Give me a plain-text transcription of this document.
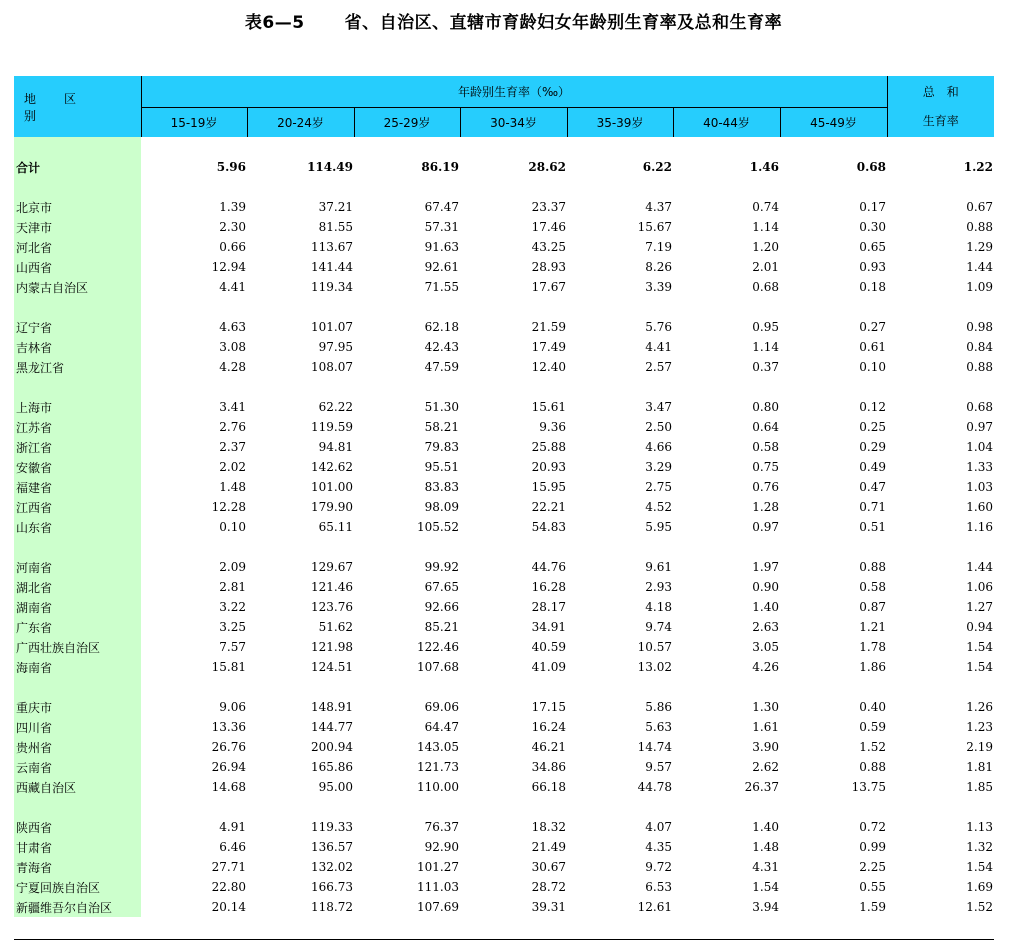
表6—5 省、自治区、直辖市育龄妇女年龄别生育率及总和生育率
地区别	年龄别生育率（‰）							总　和
生育率

	15-19岁	20-24岁	25-29岁	30-34岁	35-39岁	40-44岁	45-49岁	

合计	5.96	114.49	86.19	28.62	6.22	1.46	0.68	1.22

北京市	1.39	37.21	67.47	23.37	4.37	0.74	0.17	0.67
天津市	2.30	81.55	57.31	17.46	15.67	1.14	0.30	0.88
河北省	0.66	113.67	91.63	43.25	7.19	1.20	0.65	1.29
山西省	12.94	141.44	92.61	28.93	8.26	2.01	0.93	1.44
内蒙古自治区	4.41	119.34	71.55	17.67	3.39	0.68	0.18	1.09

辽宁省	4.63	101.07	62.18	21.59	5.76	0.95	0.27	0.98
吉林省	3.08	97.95	42.43	17.49	4.41	1.14	0.61	0.84
黑龙江省	4.28	108.07	47.59	12.40	2.57	0.37	0.10	0.88

上海市	3.41	62.22	51.30	15.61	3.47	0.80	0.12	0.68
江苏省	2.76	119.59	58.21	9.36	2.50	0.64	0.25	0.97
浙江省	2.37	94.81	79.83	25.88	4.66	0.58	0.29	1.04
安徽省	2.02	142.62	95.51	20.93	3.29	0.75	0.49	1.33
福建省	1.48	101.00	83.83	15.95	2.75	0.76	0.47	1.03
江西省	12.28	179.90	98.09	22.21	4.52	1.28	0.71	1.60
山东省	0.10	65.11	105.52	54.83	5.95	0.97	0.51	1.16

河南省	2.09	129.67	99.92	44.76	9.61	1.97	0.88	1.44
湖北省	2.81	121.46	67.65	16.28	2.93	0.90	0.58	1.06
湖南省	3.22	123.76	92.66	28.17	4.18	1.40	0.87	1.27
广东省	3.25	51.62	85.21	34.91	9.74	2.63	1.21	0.94
广西壮族自治区	7.57	121.98	122.46	40.59	10.57	3.05	1.78	1.54
海南省	15.81	124.51	107.68	41.09	13.02	4.26	1.86	1.54

重庆市	9.06	148.91	69.06	17.15	5.86	1.30	0.40	1.26
四川省	13.36	144.77	64.47	16.24	5.63	1.61	0.59	1.23
贵州省	26.76	200.94	143.05	46.21	14.74	3.90	1.52	2.19
云南省	26.94	165.86	121.73	34.86	9.57	2.62	0.88	1.81
西藏自治区	14.68	95.00	110.00	66.18	44.78	26.37	13.75	1.85

陕西省	4.91	119.33	76.37	18.32	4.07	1.40	0.72	1.13
甘肃省	6.46	136.57	92.90	21.49	4.35	1.48	0.99	1.32
青海省	27.71	132.02	101.27	30.67	9.72	4.31	2.25	1.54
宁夏回族自治区	22.80	166.73	111.03	28.72	6.53	1.54	0.55	1.69
新疆维吾尔自治区	20.14	118.72	107.69	39.31	12.61	3.94	1.59	1.52
